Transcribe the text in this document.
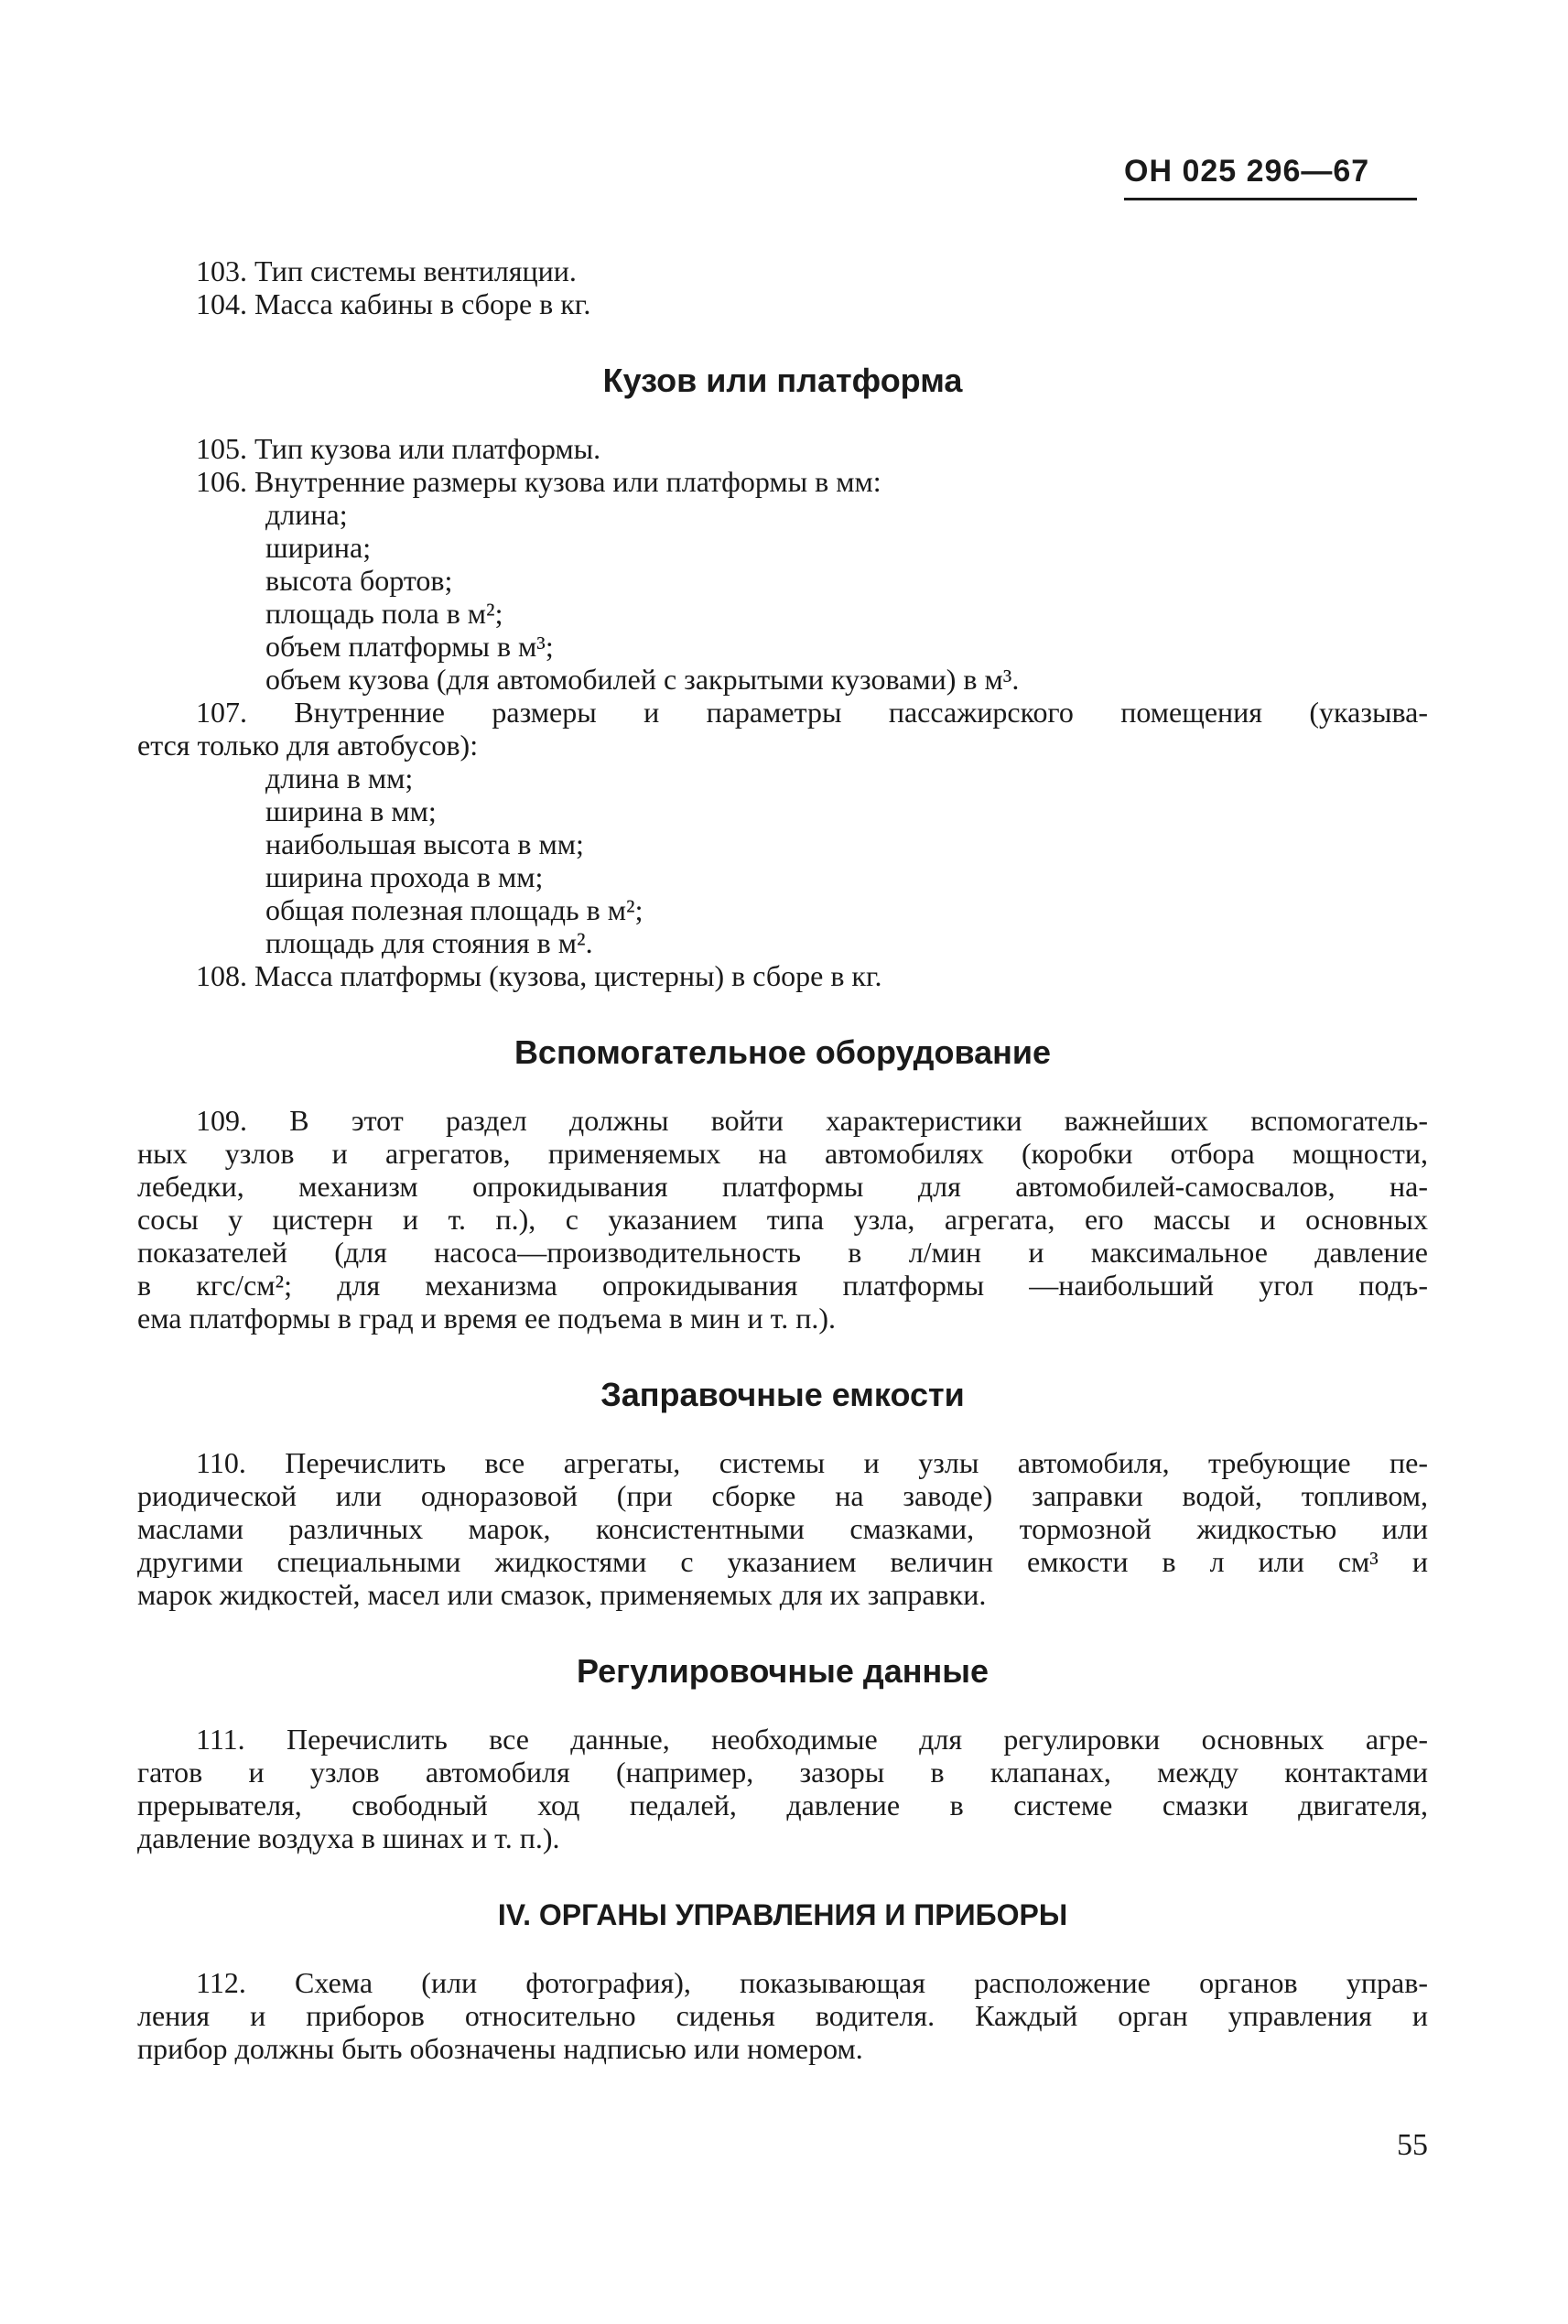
ОН 025 296—67

103. Тип системы вентиляции.

104. Масса кабины в сборе в кг.

Кузов или платформа

105. Тип кузова или платформы.

106. Внутренние размеры кузова или платформы в мм:

длина;

ширина;

высота бортов;

площадь пола в м²;

объем платформы в м³;

объем кузова (для автомобилей с закрытыми кузовами) в м³.

107. Внутренние размеры и параметры пассажирского помещения (указыва-

ется только для автобусов):

длина в мм;

ширина в мм;

наибольшая высота в мм;

ширина прохода в мм;

общая полезная площадь в м²;

площадь для стояния в м².

108. Масса платформы (кузова, цистерны) в сборе в кг.

Вспомогательное оборудование

109. В этот раздел должны войти характеристики важнейших вспомогатель-

ных узлов и агрегатов, применяемых на автомобилях (коробки отбора мощности,

лебедки, механизм опрокидывания платформы для автомобилей-самосвалов, на-

сосы у цистерн и т. п.), с указанием типа узла, агрегата, его массы и основных

показателей (для насоса—производительность в л/мин и максимальное давление

в кгс/см²; для механизма опрокидывания платформы —наибольший угол подъ-

ема платформы в град и время ее подъема в мин и т. п.).

Заправочные емкости

110. Перечислить все агрегаты, системы и узлы автомобиля, требующие пе-

риодической или одноразовой (при сборке на заводе) заправки водой, топливом,

маслами различных марок, консистентными смазками, тормозной жидкостью или

другими специальными жидкостями с указанием величин емкости в л или см³ и

марок жидкостей, масел или смазок, применяемых для их заправки.

Регулировочные данные

111. Перечислить все данные, необходимые для регулировки основных агре-

гатов и узлов автомобиля (например, зазоры в клапанах, между контактами

прерывателя, свободный ход педалей, давление в системе смазки двигателя,

давление воздуха в шинах и т. п.).

IV. ОРГАНЫ УПРАВЛЕНИЯ И ПРИБОРЫ

112. Схема (или фотография), показывающая расположение органов управ-

ления и приборов относительно сиденья водителя. Каждый орган управления и

прибор должны быть обозначены надписью или номером.

55
